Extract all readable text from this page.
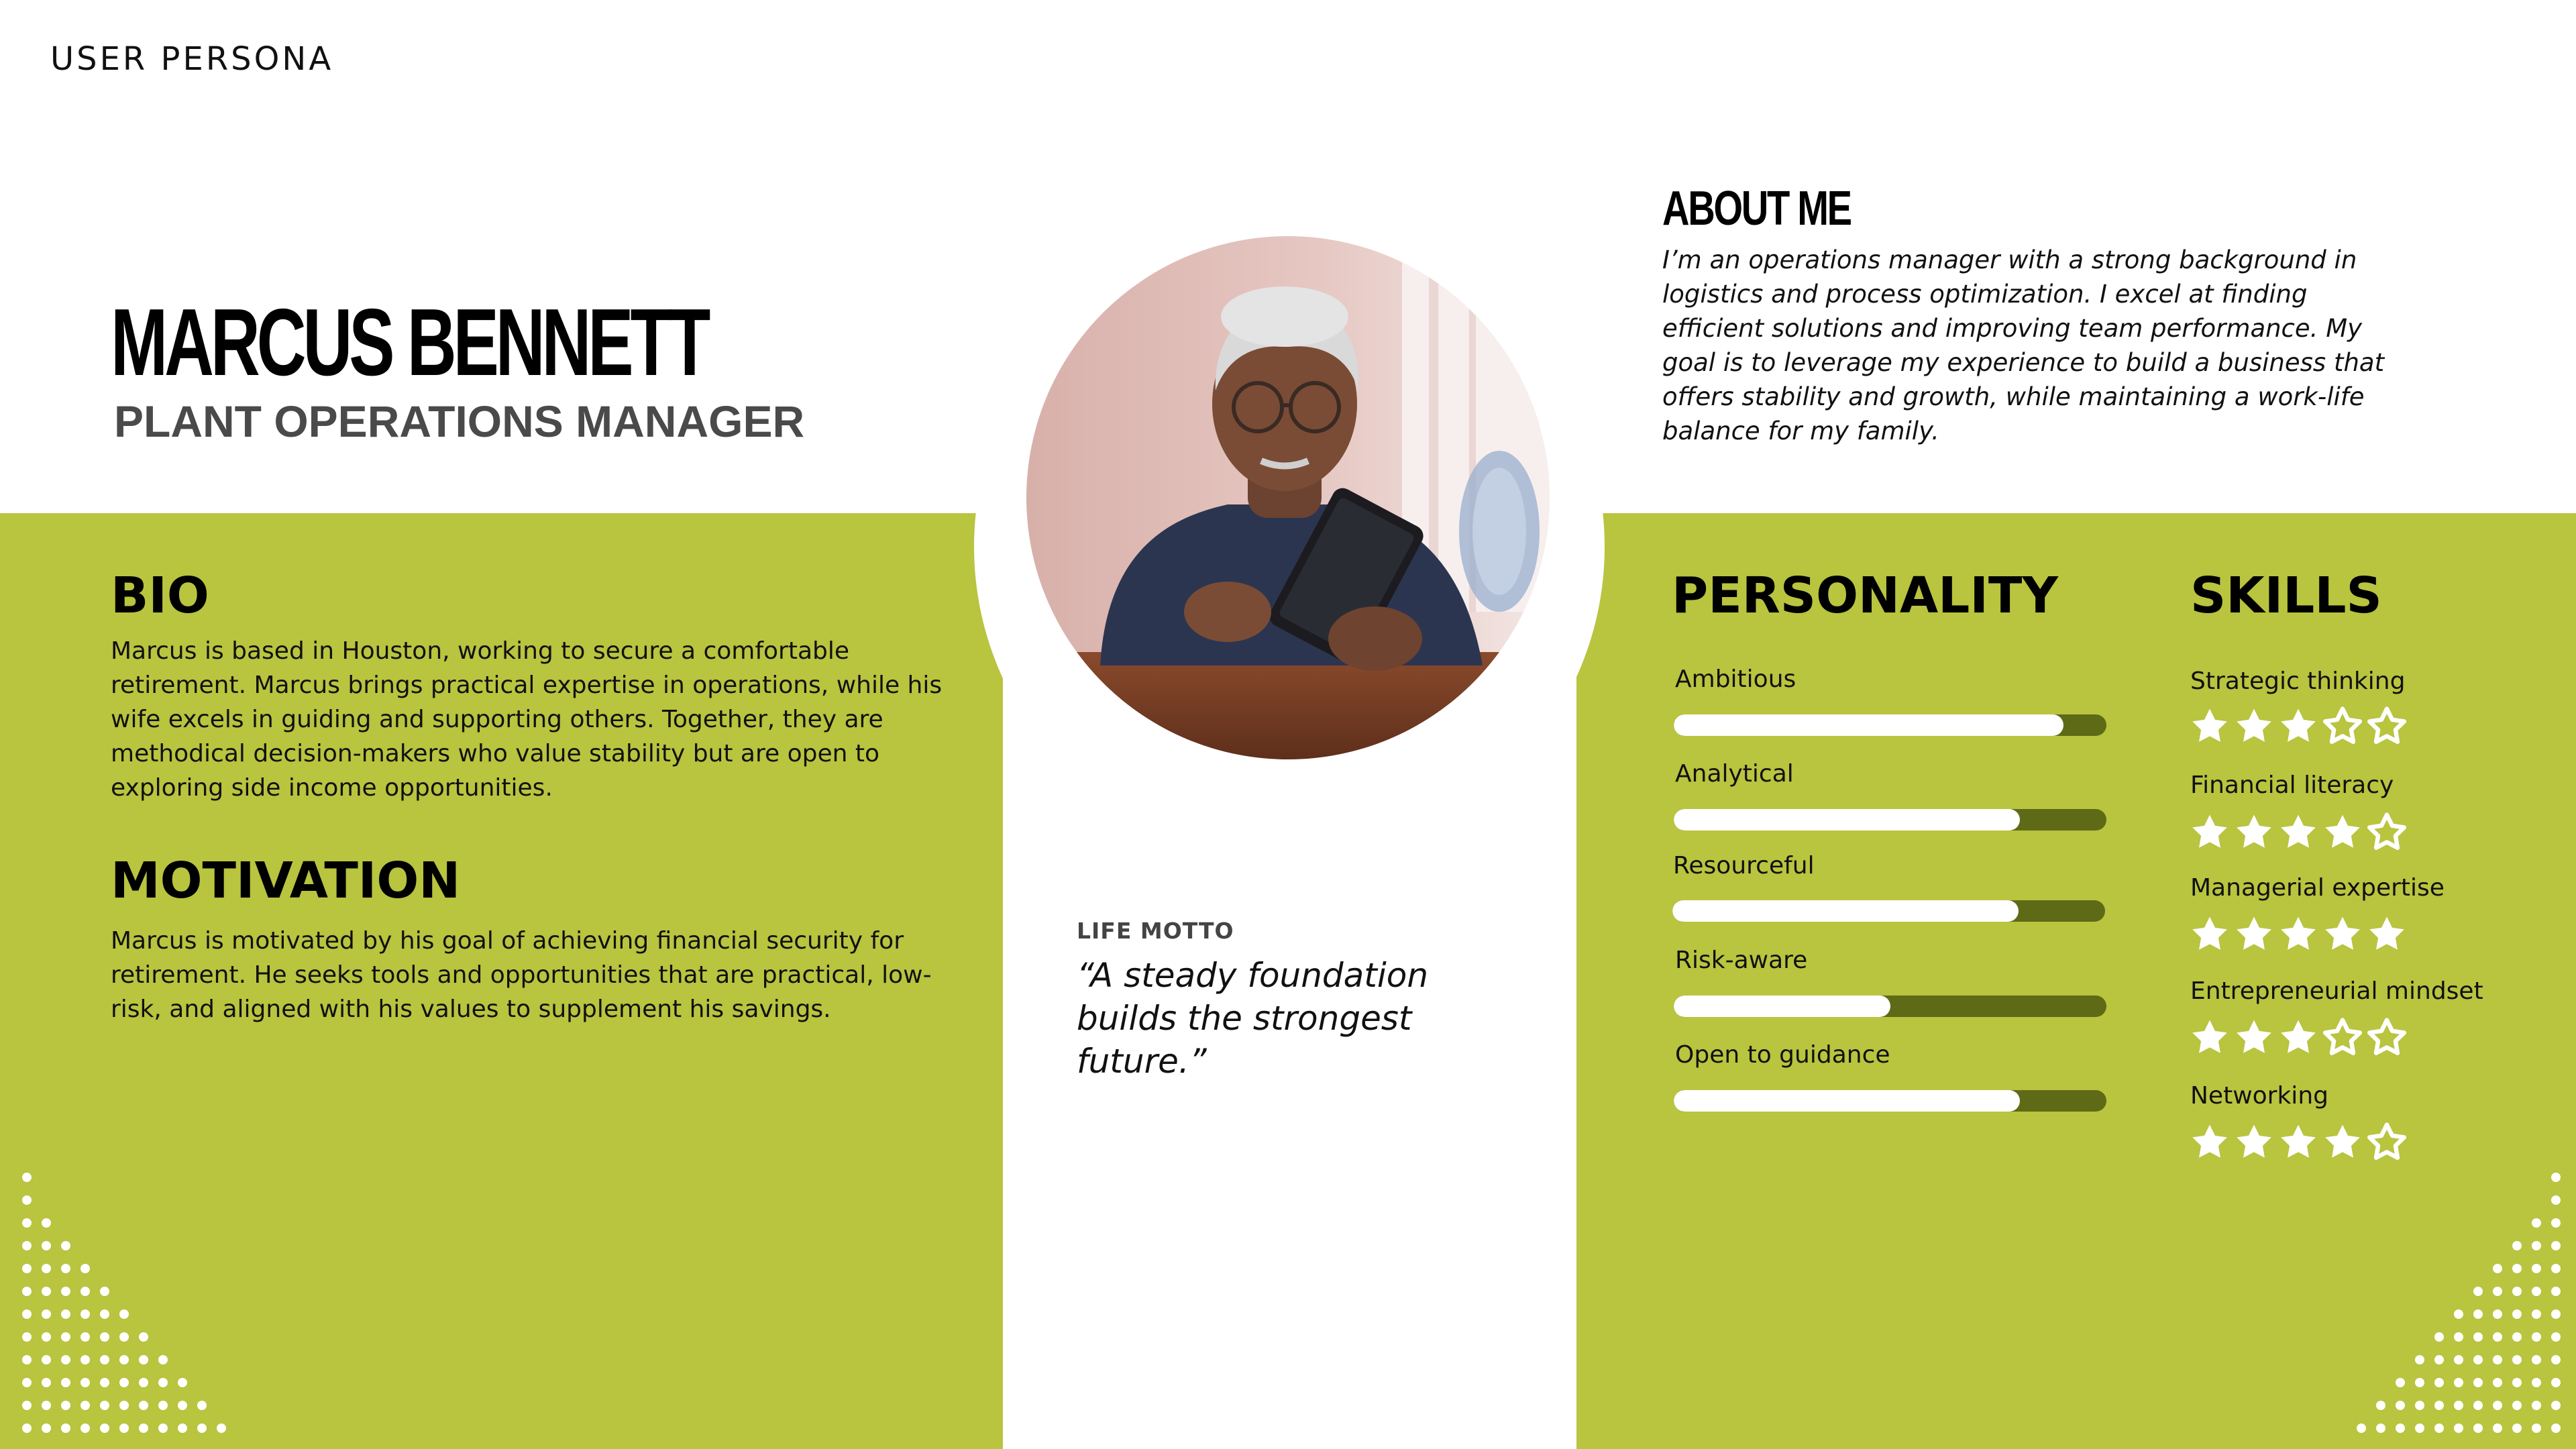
USER PERSONA
MARCUS BENNETT
PLANT OPERATIONS MANAGER
ABOUT ME
I’m an operations manager with a strong background in logistics and process optimization. I excel at finding efficient solutions and improving team performance. My goal is to leverage my experience to build a business that offers stability and growth, while maintaining a work-life balance for my family.
BIO
Marcus is based in Houston, working to secure a comfortable retirement. Marcus brings practical expertise in operations, while his wife excels in guiding and supporting others. Together, they are methodical decision-makers who value stability but are open to exploring side income opportunities.
MOTIVATION
Marcus is motivated by his goal of achieving financial security for retirement. He seeks tools and opportunities that are practical, low-risk, and aligned with his values to supplement his savings.
LIFE MOTTO
“A steady foundation builds the strongest future.”
PERSONALITY
Ambitious
Analytical
Resourceful
Risk-aware
Open to guidance
SKILLS
Strategic thinking
Financial literacy
Managerial expertise
Entrepreneurial mindset
Networking
